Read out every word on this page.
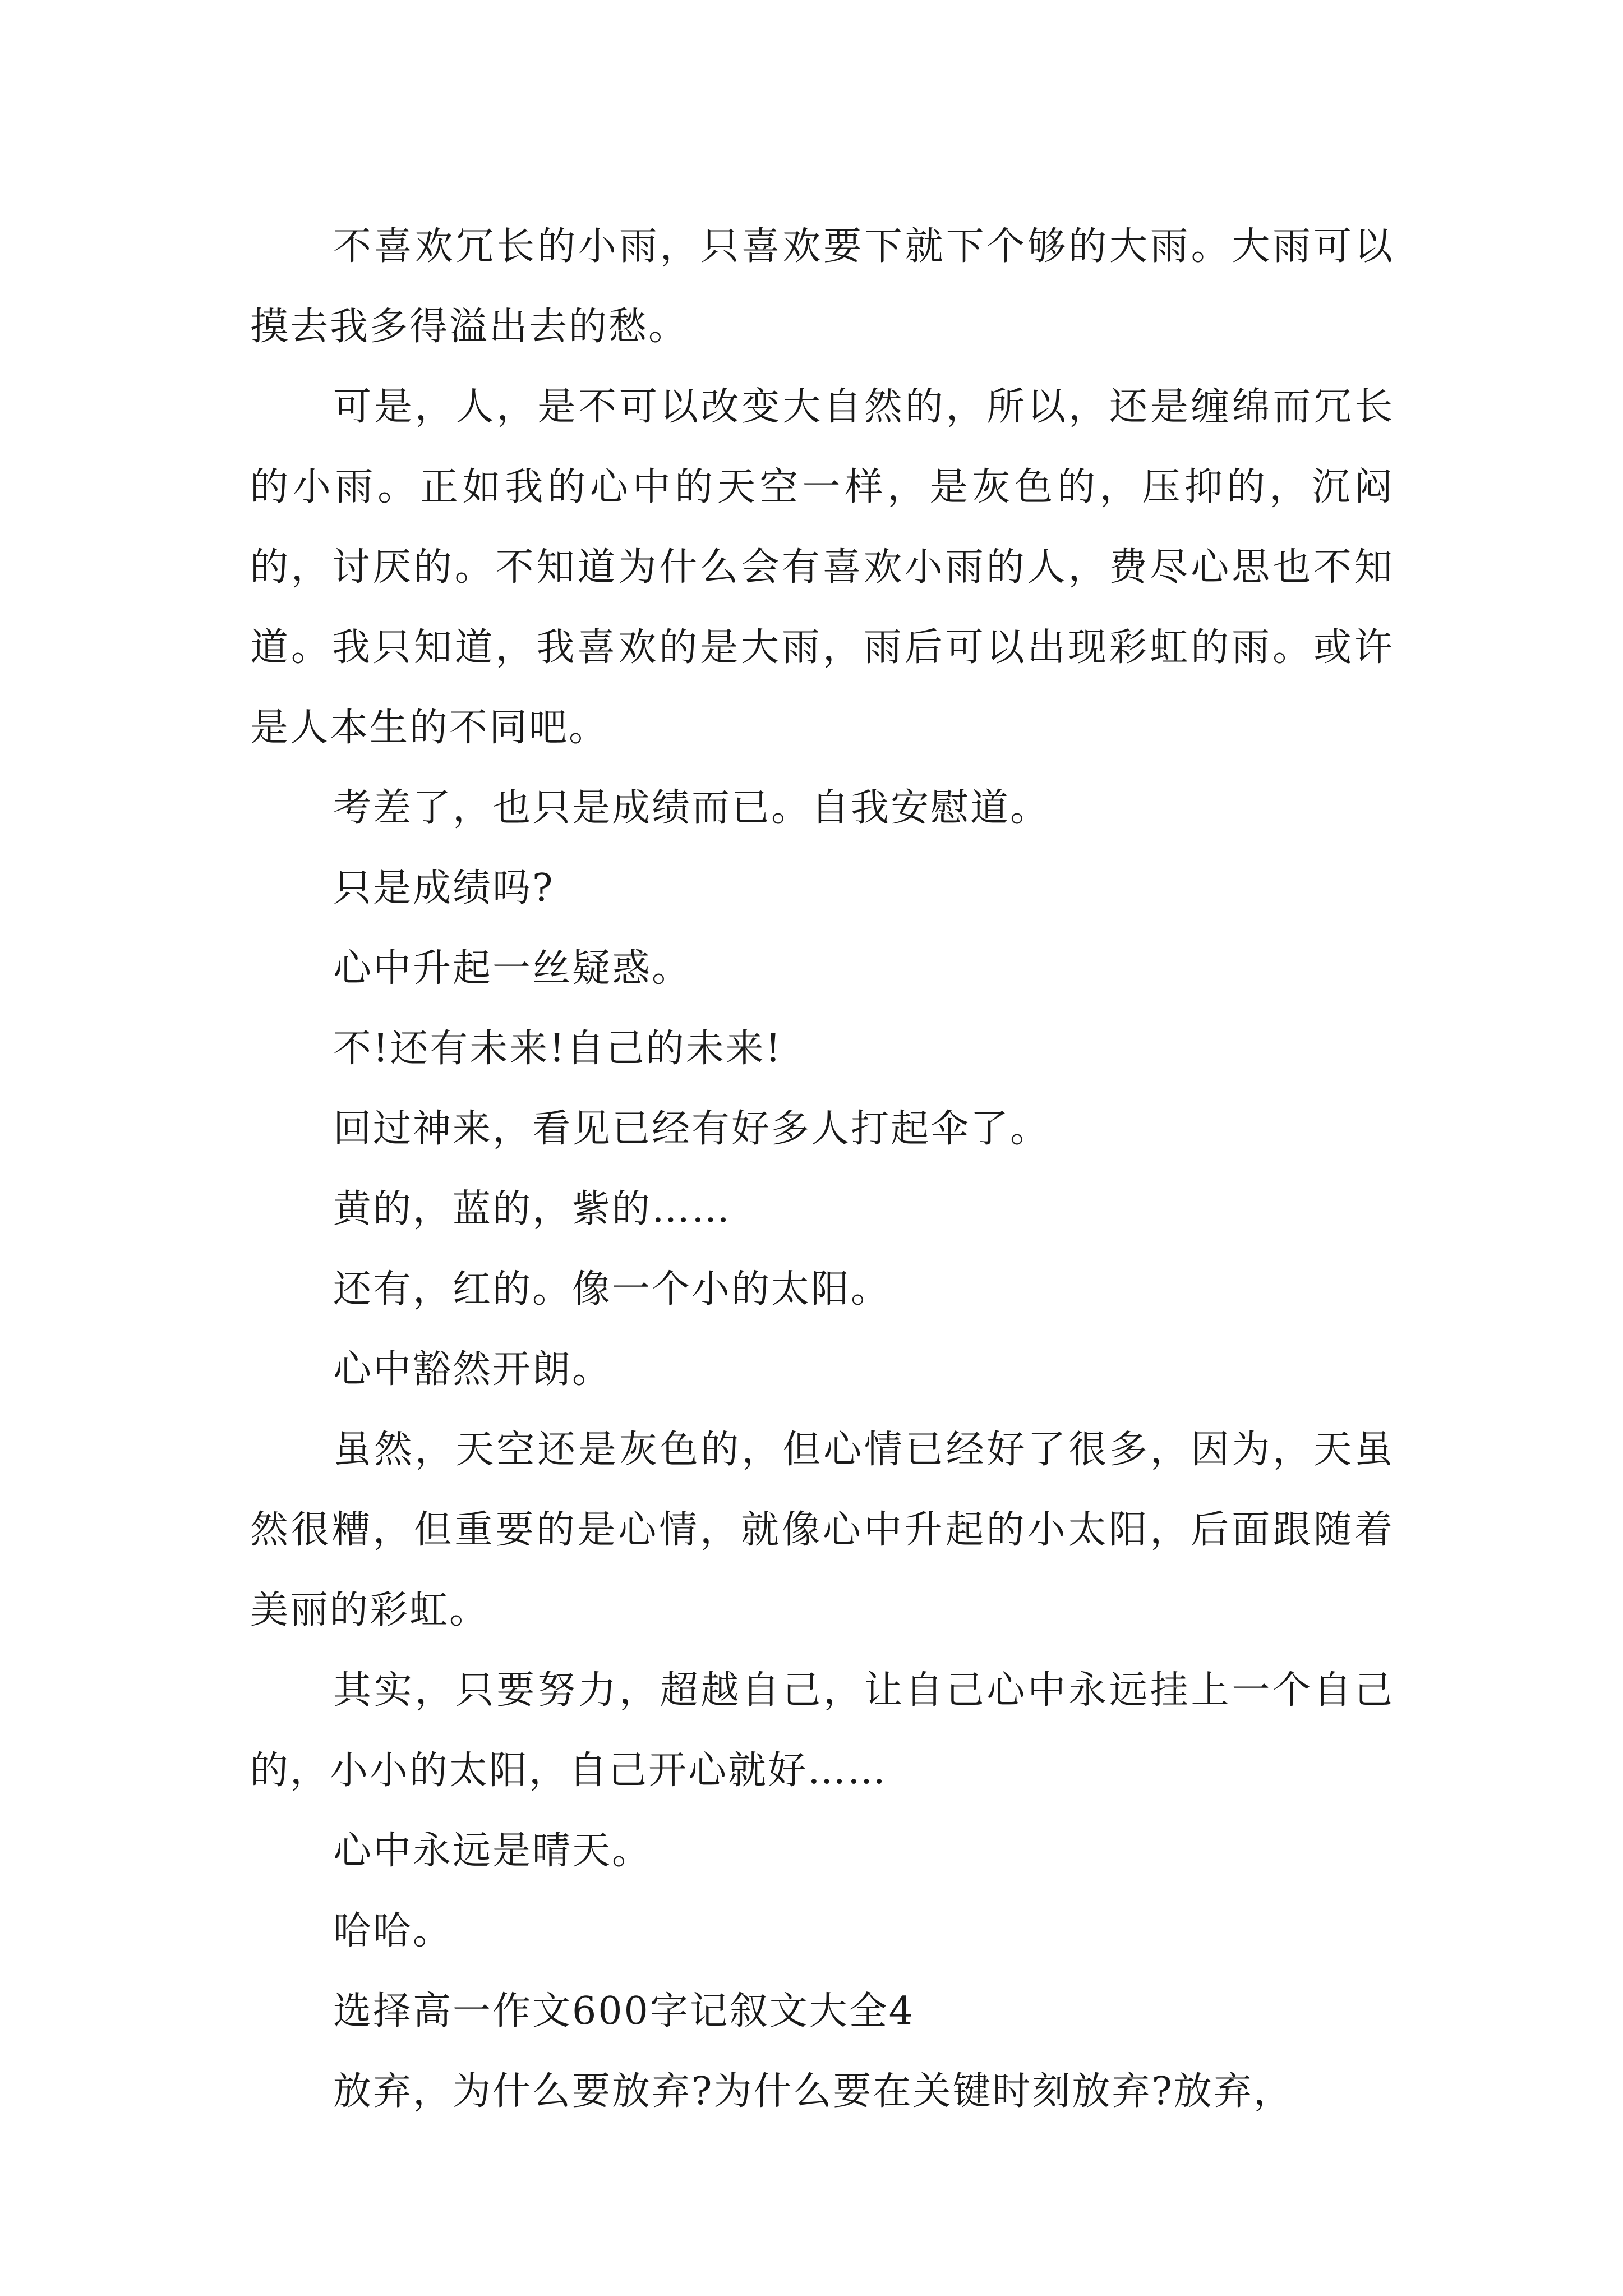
不喜欢冗长的小雨，只喜欢要下就下个够的大雨。大雨可以摸去我多得溢出去的愁。

可是，人，是不可以改变大自然的，所以，还是缠绵而冗长的小雨。正如我的心中的天空一样，是灰色的，压抑的，沉闷的，讨厌的。不知道为什么会有喜欢小雨的人，费尽心思也不知道。我只知道，我喜欢的是大雨，雨后可以出现彩虹的雨。或许是人本生的不同吧。

考差了，也只是成绩而已。自我安慰道。

只是成绩吗?

心中升起一丝疑惑。

不!还有未来!自己的未来!

回过神来，看见已经有好多人打起伞了。

黄的，蓝的，紫的……

还有，红的。像一个小的太阳。

心中豁然开朗。

虽然，天空还是灰色的，但心情已经好了很多，因为，天虽然很糟，但重要的是心情，就像心中升起的小太阳，后面跟随着美丽的彩虹。

其实，只要努力，超越自己，让自己心中永远挂上一个自己的，小小的太阳，自己开心就好……

心中永远是晴天。

哈哈。

选择高一作文600字记叙文大全4

放弃，为什么要放弃?为什么要在关键时刻放弃?放弃，
